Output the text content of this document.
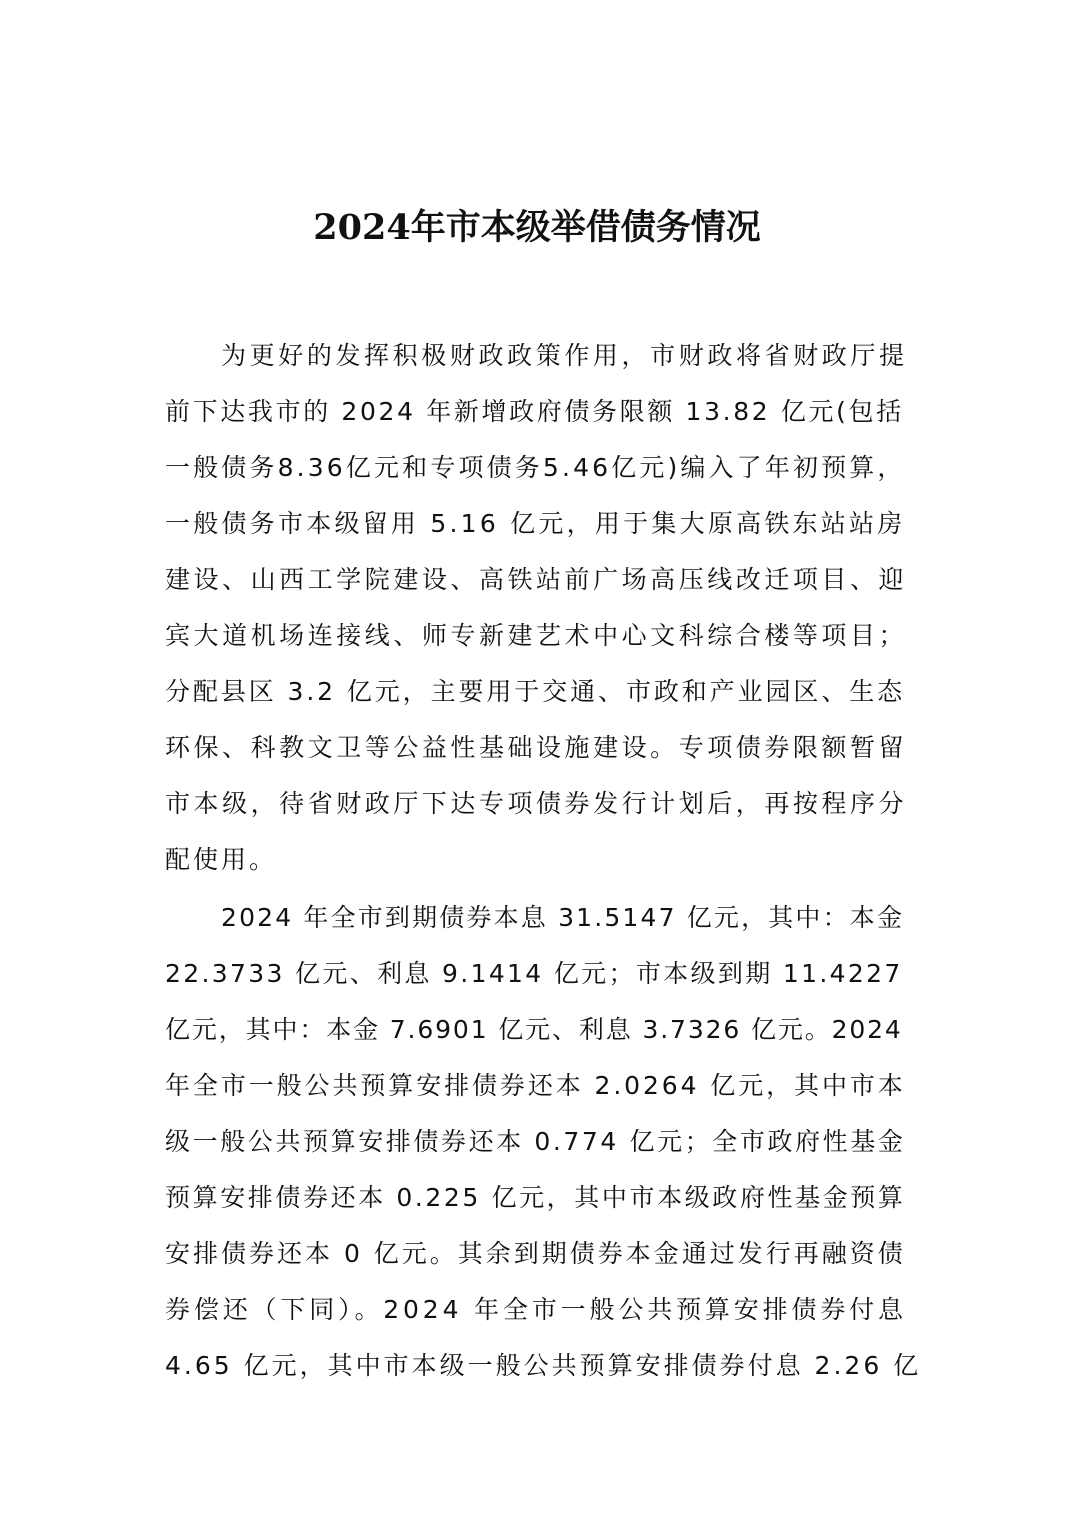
2024年市本级举借债务情况
为更好的发挥积极财政政策作用，市财政将省财政厅提
前下达我市的 2024 年新增政府债务限额 13.82 亿元(包括
一般债务8.36亿元和专项债务5.46亿元)编入了年初预算，
一般债务市本级留用 5.16 亿元，用于集大原高铁东站站房
建设、山西工学院建设、高铁站前广场高压线改迁项目、迎
宾大道机场连接线、师专新建艺术中心文科综合楼等项目；
分配县区 3.2 亿元，主要用于交通、市政和产业园区、生态
环保、科教文卫等公益性基础设施建设。专项债券限额暂留
市本级，待省财政厅下达专项债券发行计划后，再按程序分
配使用。
2024 年全市到期债券本息 31.5147 亿元，其中：本金
22.3733 亿元、利息 9.1414 亿元；市本级到期 11.4227
亿元，其中：本金 7.6901 亿元、利息 3.7326 亿元。2024
年全市一般公共预算安排债券还本 2.0264 亿元，其中市本
级一般公共预算安排债券还本 0.774 亿元；全市政府性基金
预算安排债券还本 0.225 亿元，其中市本级政府性基金预算
安排债券还本 0 亿元。其余到期债券本金通过发行再融资债
券偿还（下同）。2024 年全市一般公共预算安排债券付息
4.65 亿元，其中市本级一般公共预算安排债券付息 2.26 亿
